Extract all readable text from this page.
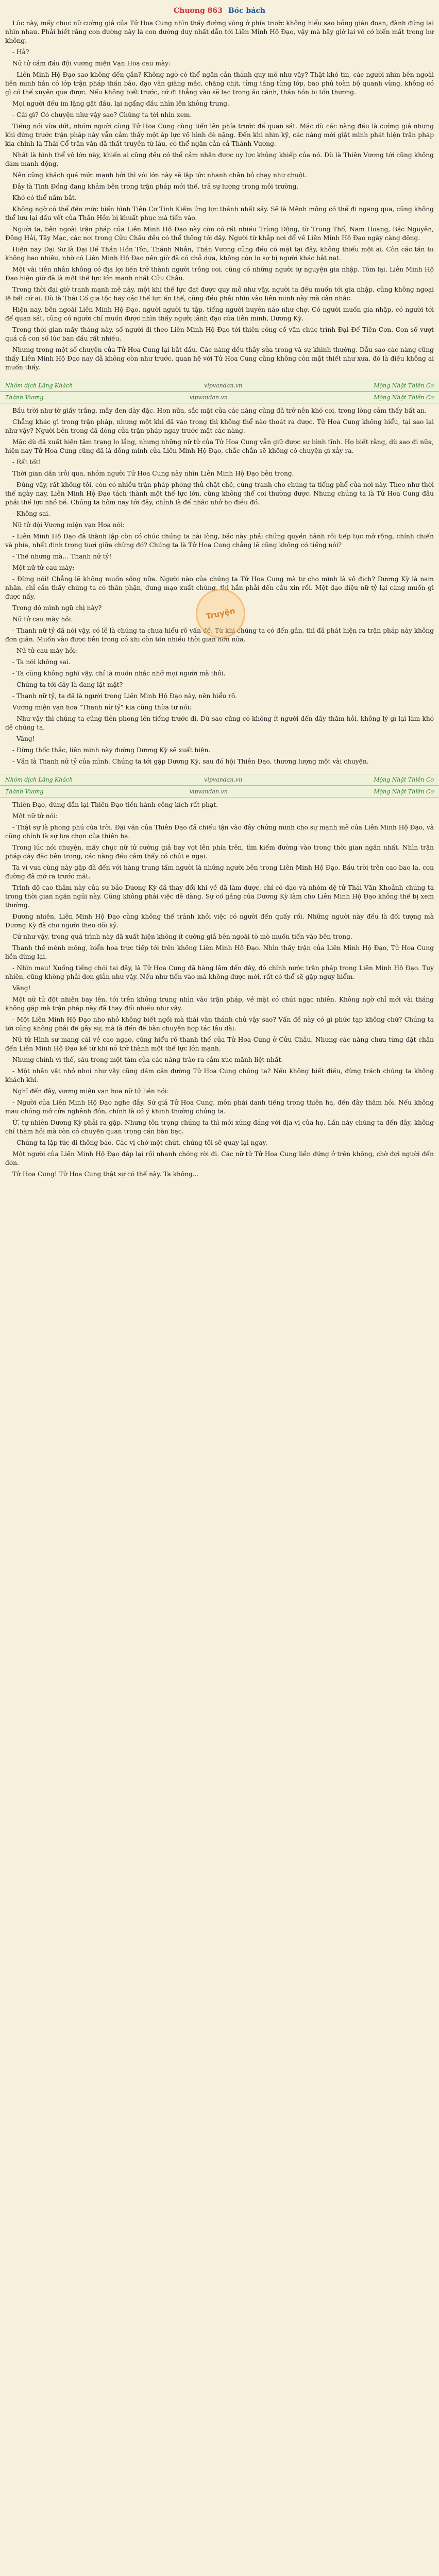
Chương 863 Bóc bách

Lúc này, mấy chục nữ cường giả của Tử Hoa Cung nhìn thấy đường vòng ở phía trước không hiểu sao bỗng gián đoạn, đành đứng lại nhìn nhau. Phải biết rằng con đường này là con đường duy nhất dẫn tới Liên Minh Hộ Đạo, vậy mà bây giờ lại vô cớ biến mất trong hư không.

- Hả?

Nữ tử cầm đầu đội vương miện Vạn Hoa cau mày:

- Liên Minh Hộ Đạo sao không đến gần? Không ngờ có thể ngăn cản thánh quy mô như vậy? Thật khó tin, các người nhìn bên ngoài liên minh hắn có lớp trận pháp thần bảo, đạo văn giăng mắc, chằng chịt, từng tầng từng lớp, bao phủ toàn bộ quanh vùng, không có gì có thể xuyên qua được. Nếu không biết trước, cứ đi thẳng vào sẽ lạc trong ảo cảnh, thần hồn bị tổn thương.

Mọi người đều im lặng gật đầu, lại ngẩng đầu nhìn lên không trung.

- Cái gì? Có chuyện như vậy sao? Chúng ta tới nhìn xem.

Tiếng nói vừa dứt, nhóm người cùng Tử Hoa Cung cùng tiến lên phía trước để quan sát. Mặc dù các nàng đều là cường giả nhưng khi đứng trước trận pháp này vẫn cảm thấy một áp lực vô hình đè nặng. Đến khi nhìn kỹ, các nàng mới giật mình phát hiện trận pháp kia chính là Thái Cổ trận văn đã thất truyền từ lâu, có thể ngăn cản cả Thánh Vương.

Nhất là hình thể vô lớn này, khiến ai cũng đều có thể cảm nhận được uy lực khủng khiếp của nó. Dù là Thiên Vương tới cũng không dám manh động.

Nên cũng khách quá mức mạnh bởi thì vói lớn này sẽ lập tức nhanh chân bỏ chạy như chuột.

Đây là Tinh Đồng đang khảm bên trong trận pháp mới thể, trả sự lượng trong môi trường.

Khó có thể nắm bắt.

Không ngờ có thể đến mức biến hình Tiên Cơ Tinh Kiếm ứng lực thánh nhất sáy. Sẽ là Mênh mông có thể đi ngang qua, cũng không thể lưu lại dấu vết của Thần Hồn bị khuất phục mà tiến vào.

Người ta, bên ngoài trận pháp của Liên Minh Hộ Đạo này còn có rất nhiều Trùng Động, từ Trung Thổ, Nam Hoang, Bắc Nguyên, Đông Hải, Tây Mạc, các nơi trong Cửu Châu đều có thể thông tới đây. Người từ khắp nơi đổ về Liên Minh Hộ Đạo ngày càng đông.

Hiện nay Đại Sư là Đại Đế Thần Hồn Tôn, Thánh Nhân, Thần Vương cũng đều có mặt tại đây, không thiếu một ai. Còn các tán tu không bao nhiêu, nhờ có Liên Minh Hộ Đạo nên giờ đã có chỗ dựa, không còn lo sợ bị người khác bắt nạt.

Một vài tiên nhân không có địa lợi liền trở thành người trông coi, cũng có những người tự nguyện gia nhập. Tóm lại, Liên Minh Hộ Đạo hiện giờ đã là một thế lực lớn mạnh nhất Cửu Châu.

Trong thời đại giờ tranh mạnh mẽ này, một khi thế lực đạt được quy mô như vậy, người ta đều muốn tới gia nhập, cũng không ngoại lệ bất cứ ai. Dù là Thái Cổ gia tộc hay các thế lực ẩn thế, cũng đều phải nhìn vào liên minh này mà cân nhắc.

Hiện nay, bên ngoài Liên Minh Hộ Đạo, người người tụ tập, tiếng người huyên náo như chợ. Có người muốn gia nhập, có người tới để quan sát, cũng có người chỉ muốn được nhìn thấy người lãnh đạo của liên minh, Dương Kỳ.

Trong thời gian mấy tháng này, số người đi theo Liên Minh Hộ Đạo tới thiên công cố văn chúc trình Đại Đế Tiên Cơn. Con số vượt quá cả con số lúc ban đầu rất nhiều.

Nhưng trong một số chuyện của Tử Hoa Cung lại bắt đầu. Các nàng đều thầy sửa trong và sự khinh thường. Dẫu sao các nàng cũng thấy Liên Minh Hộ Đạo nay đã không còn như trước, quan hệ với Tử Hoa Cung cũng không còn mật thiết như xưa, đó là điều không ai muốn thấy.

Nhóm dịch Lãng Khách	vipvandan.vn	Mộng Nhặt Thiên Cơ
Thánh Vương	vipvandan.vn	Mộng Nhặt Thiên Cơ
Truyện

Bầu trời như tờ giấy trắng, mây đen dày đặc. Hơn nữa, sắc mặt của các nàng cũng đã trở nên khó coi, trong lòng cảm thấy bất an.

Chẳng khác gì trong trận pháp, nhưng một khi đã vào trong thì không thể nào thoát ra được. Tử Hoa Cung không hiểu, tại sao lại như vậy? Người bên trong đã đóng cửa trận pháp ngay trước mặt các nàng.

Mặc dù đã xuất hiện tâm trạng lo lắng, nhưng những nữ tử của Tử Hoa Cung vẫn giữ được sự bình tĩnh. Họ biết rằng, dù sao đi nữa, hiện nay Tử Hoa Cung cũng đã là đồng minh của Liên Minh Hộ Đạo, chắc chắn sẽ không có chuyện gì xảy ra.

- Rất tốt!

Thời gian dần trôi qua, nhóm người Tử Hoa Cung này nhìn Liên Minh Hộ Đạo bên trong.

- Đúng vậy, rất không tồi, còn có nhiều trận pháp phòng thủ chặt chẽ, cùng tranh cho chúng ta tiếng phổ của nơi này. Theo như thời thế ngày nay, Liên Minh Hộ Đạo tách thành một thế lực lớn, cũng không thể coi thường được. Nhưng chúng ta là Tử Hoa Cung đâu phải thế lực nhỏ bé. Chúng ta hôm nay tới đây, chính là để nhắc nhở họ điều đó.

- Không sai.

Nữ tử đội Vương miện vạn Hoa nói:

- Liên Minh Hộ Đạo đã thành lập còn có chúc chúng ta hài lòng, bác này phải chứng quyền hành rồi tiếp tục mở rộng, chính chiến và phía, nhất đinh trong tuơi giữa chừng đó? Chúng ta là Tử Hoa Cung chẳng lẽ cũng không có tiếng nói?

- Thế nhưng mà… Thanh nữ tỷ!

Một nữ tử cau mày:

- Đừng nói! Chẳng lẽ không muốn sống nữa. Người nào của chúng ta Tử Hoa Cung mà tự cho mình là vô địch? Dương Kỳ là nam nhân, chỉ cần thấy chúng ta có thân phận, dung mạo xuất chúng, thì hắn phải đến cầu xin rồi. Một đạo diệu nữ tỷ lại càng muốn gì được nấy.

Trong đó mình ngũ chị này?

Nữ tử cau mày hỏi:

- Thanh nữ tỷ đã nói vậy, có lẽ là chúng ta chưa hiểu rõ vấn đề. Từ khi chúng ta có đến gần, thì đã phát hiện ra trận pháp này không đơn giản. Muốn vào được bên trong có khi còn tốn nhiều thời gian hơn nữa.

- Nữ tử cau mày hỏi:

- Ta nói không sai.

- Ta cũng không nghĩ vậy, chỉ là muốn nhắc nhở mọi người mà thôi.

- Chúng ta tới đây là đang lật mặt?

- Thanh nữ tỷ, ta đã là người trong Liên Minh Hộ Đạo này, nên hiểu rõ.

Vương miện vạn hoa "Thanh nữ tỷ" kia cũng thừa tư nói:

- Như vậy thì chúng ta cũng tiên phong lên tiếng trước đi. Dù sao cũng có không ít người đến đây thăm hỏi, không lý gì lại làm khó dễ chúng ta.

- Vâng!

- Đừng thốc thắc, liên minh này đường Dương Kỳ sẽ xuất hiện.

- Vẫn là Thanh nữ tỷ của mình. Chúng ta tới gặp Dương Kỳ, sau đó hội Thiên Đạo, thương lượng một vài chuyện.

Nhóm dịch Lãng Khách	vipvandan.vn	Mộng Nhặt Thiên Cơ
Thánh Vương	vipvandan.vn	Mộng Nhặt Thiên Cơ

Thiên Đạo, đúng đắn lại Thiên Đạo tiền hành công kích rất phạt.

Một nữ tử nói:

- Thật sự là phong phú của trời. Đại văn của Thiên Đạo đã chiếu tận vào đây chứng minh cho sự mạnh mẽ của Liên Minh Hộ Đạo, và cũng chính là sự lựa chọn của thiên hạ.

Trong lúc nói chuyện, mấy chục nữ tử cường giả bay vọt lên phía trên, tìm kiếm đường vào trong thời gian ngắn nhất. Nhìn trận pháp dày đặc bên trong, các nàng đều cảm thấy có chút e ngại.

Ta vì vua cùng này gặp đã đến với hàng trung tấm người là những người bên trong Liên Minh Hộ Đạo. Bầu trời trên cao bao la, con đường đã mở ra trước mắt.

Trình độ cao thâm này của sư bảo Dương Kỳ đã thay đổi khi về đã làm được, chí có đạo và nhóm đệ tử Thái Văn Khoảnh chúng ta trong thời gian ngắn ngủi này. Cũng không phải việc dễ dàng. Sự cố gắng của Dương Kỳ làm cho Liên Minh Hộ Đạo không thể bị xem thường.

Đương nhiên, Liên Minh Hộ Đạo cũng không thể tránh khỏi việc có người đến quấy rối. Những người này đều là đối tượng mà Dương Kỳ đã cho người theo dõi kỹ.

Cứ như vậy, trong quá trình này đã xuất hiện không ít cường giả bên ngoài tò mò muốn tiến vào bên trong.

Thanh thế mênh mông, biển hoa trực tiếp tới trên không Liên Minh Hộ Đạo. Nhìn thấy trận của Liên Minh Hộ Đạo, Tử Hoa Cung liền dừng lại.

- Nhìn mau! Xuống tiếng chói tai đây, là Tử Hoa Cung đã hàng lâm đến đây, đó chính nước trận pháp trong Liên Minh Hộ Đạo. Tuy nhiên, cũng không phải đơn giản như vậy. Nếu như tiến vào mà không được mời, rất có thể sẽ gặp nguy hiểm.

Vâng!

Một nữ tử đột nhiên bay lên, tới trên không trung nhìn vào trận pháp, vẻ mặt có chút ngạc nhiên. Không ngờ chỉ mới vài tháng không gặp mà trận pháp này đã thay đổi nhiều như vậy.

- Một Liên Minh Hộ Đạo nho nhỏ không biết ngồi mà thái văn thánh chủ vậy sao? Vấn đề này có gì phức tạp không chứ? Chúng ta tới cũng không phải để gây sự, mà là đến để bàn chuyện hợp tác lâu dài.

Nữ tử Hình sư mang cái vẻ cao ngạo, cũng hiểu rõ thanh thế của Tử Hoa Cung ở Cửu Châu. Nhưng các nàng chưa từng đặt chân đến Liên Minh Hộ Đạo kể từ khi nó trở thành một thế lực lớn mạnh.

Nhưng chính vì thế, sáu trong một tâm của các nàng trào ra cảm xúc mãnh liệt nhất.

- Một nhân vật nhỏ nhoi như vậy cũng dám cản đường Tử Hoa Cung chúng ta? Nếu không biết điều, đừng trách chúng ta không khách khí.

Nghĩ đến đây, vương miện vạn hoa nữ tử liền nói:

- Người của Liên Minh Hộ Đạo nghe đây. Sứ giả Tử Hoa Cung, môn phái danh tiếng trong thiên hạ, đến đây thăm hỏi. Nếu không mau chóng mở cửa nghênh đón, chính là có ý khinh thường chúng ta.

Ừ, tự nhiên Dương Kỳ phải ra gặp. Nhưng tôn trọng chúng ta thì mới xứng đáng với địa vị của họ. Lần này chúng ta đến đây, không chỉ thăm hỏi mà còn có chuyện quan trọng cần bàn bạc.

- Chúng ta lập tức đi thông báo. Các vị chờ một chút, chúng tôi sẽ quay lại ngay.

Một người của Liên Minh Hộ Đạo đáp lại rồi nhanh chóng rời đi. Các nữ tử Tử Hoa Cung liền đứng ở trên không, chờ đợi người đến đón.

Tử Hoa Cung! Tử Hoa Cung thật sự có thế này. Ta không...
